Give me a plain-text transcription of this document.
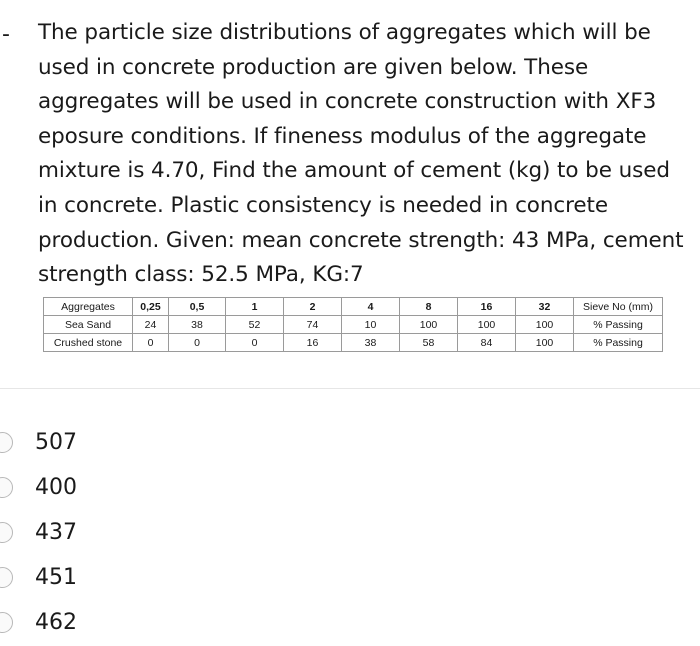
- The particle size distributions of aggregates which will be used in concrete production are given below. These aggregates will be used in concrete construction with XF3 eposure conditions. If fineness modulus of the aggregate mixture is 4.70, Find the amount of cement (kg) to be used in concrete. Plastic consistency is needed in concrete production. Given: mean concrete strength: 43 MPa, cement strength class: 52.5 MPa, KG:7

Aggregates	0,25	0,5	1	2	4	8	16	32	Sieve No (mm)
Sea Sand	24	38	52	74	10	100	100	100	% Passing
Crushed stone	0	0	0	16	38	58	84	100	% Passing
507
400
437
451
462
